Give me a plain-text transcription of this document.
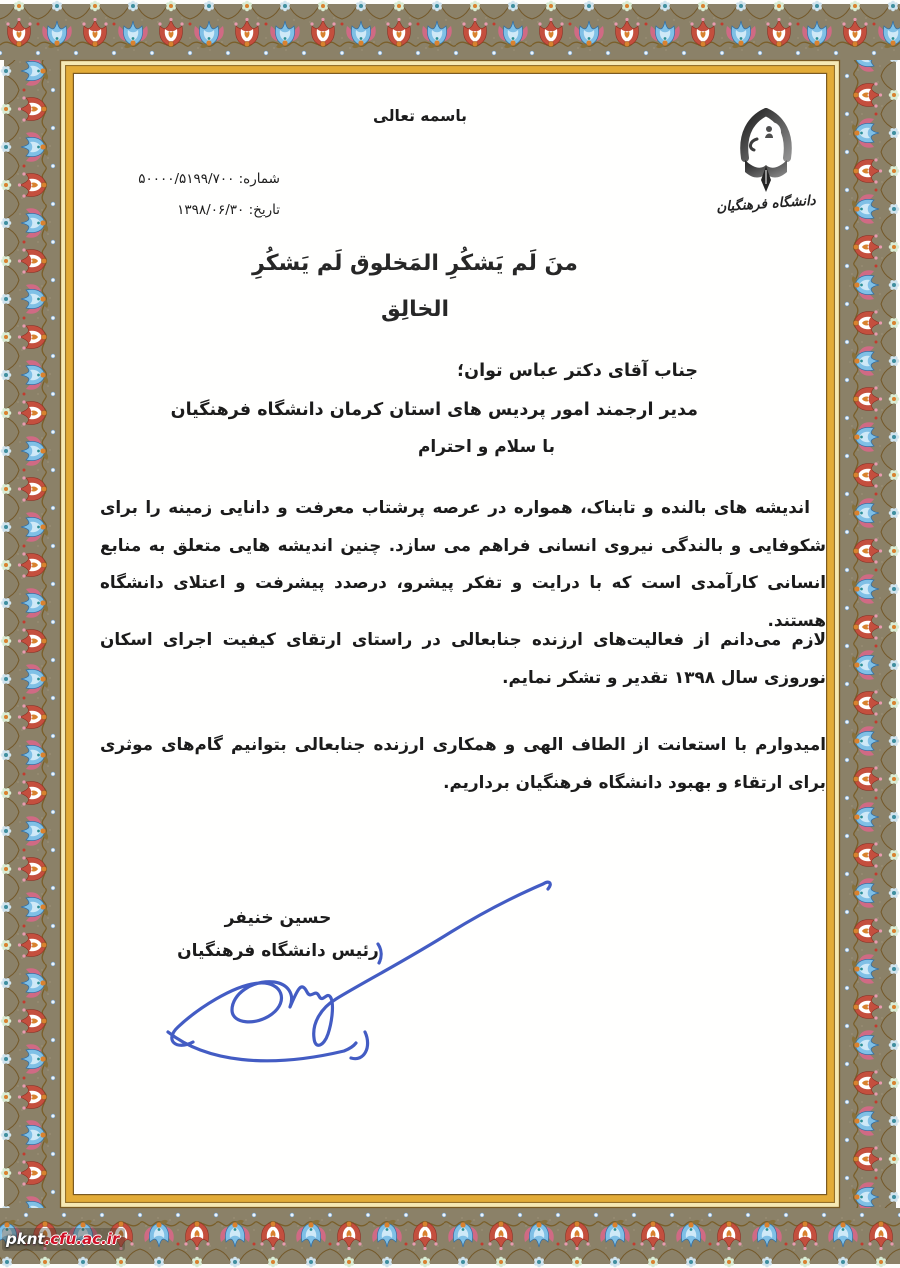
باسمه تعالی
شماره: ۵۰۰۰۰/۵۱۹۹/۷۰۰
تاریخ: ۱۳۹۸/۰۶/۳۰	دانشگاه فرهنگیان
منَ لَم یَشکُرِ المَخلوق لَم یَشکُرِ الخالِق
جناب آقای دکتر عباس توان؛
مدیر ارجمند امور پردیس های استان کرمان دانشگاه فرهنگیان
با سلام و احترام
اندیشه های بالنده و تابناک، همواره در عرصه پرشتاب معرفت و دانایی زمینه را برای شکوفایی و بالندگی نیروی انسانی فراهم می سازد. چنین اندیشه هایی متعلق به منابع انسانی کارآمدی است که با درایت و تفکر پیشرو، درصدد پیشرفت و اعتلای دانشگاه هستند.
لازم می‌دانم از فعالیت‌های ارزنده جنابعالی در راستای ارتقای کیفیت اجرای اسکان نوروزی سال ۱۳۹۸ تقدیر و تشکر نمایم.
امیدوارم با استعانت از الطاف الهی و همکاری ارزنده جنابعالی بتوانیم گام‌های موثری برای ارتقاء و بهبود دانشگاه فرهنگیان برداریم.
حسین خنیفر
رئیس دانشگاه فرهنگیان
pknt.cfu.ac.ir
